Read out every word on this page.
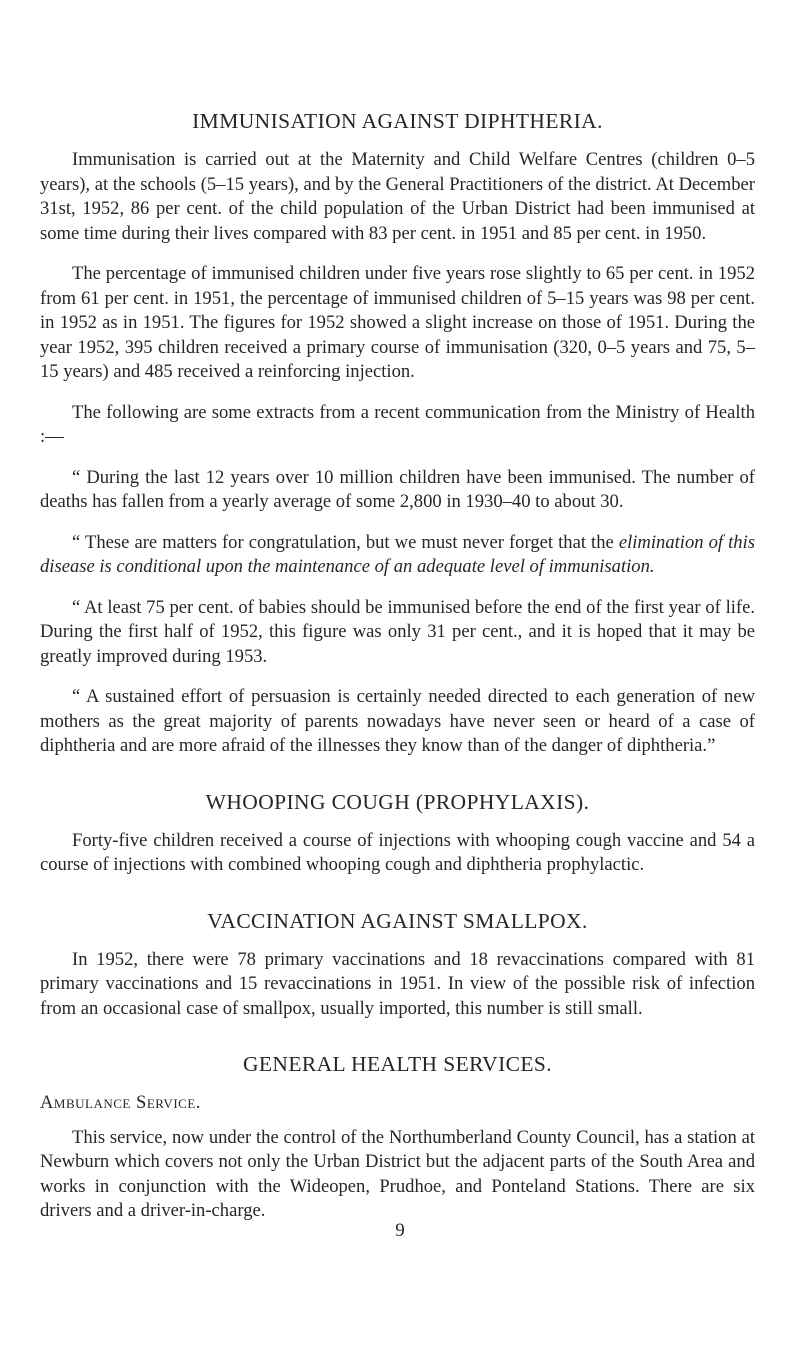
IMMUNISATION AGAINST DIPHTHERIA.

Immunisation is carried out at the Maternity and Child Welfare Centres (children 0–5 years), at the schools (5–15 years), and by the General Practitioners of the district. At December 31st, 1952, 86 per cent. of the child population of the Urban District had been immunised at some time during their lives compared with 83 per cent. in 1951 and 85 per cent. in 1950.

The percentage of immunised children under five years rose slightly to 65 per cent. in 1952 from 61 per cent. in 1951, the percentage of immunised children of 5–15 years was 98 per cent. in 1952 as in 1951. The figures for 1952 showed a slight increase on those of 1951. During the year 1952, 395 children received a primary course of immunisation (320, 0–5 years and 75, 5–15 years) and 485 received a reinforcing injection.

The following are some extracts from a recent communication from the Ministry of Health :—

“ During the last 12 years over 10 million children have been immunised. The number of deaths has fallen from a yearly average of some 2,800 in 1930–40 to about 30.

“ These are matters for congratulation, but we must never forget that the elimination of this disease is conditional upon the maintenance of an adequate level of immunisation.

“ At least 75 per cent. of babies should be immunised before the end of the first year of life. During the first half of 1952, this figure was only 31 per cent., and it is hoped that it may be greatly improved during 1953.

“ A sustained effort of persuasion is certainly needed directed to each generation of new mothers as the great majority of parents nowadays have never seen or heard of a case of diphtheria and are more afraid of the illnesses they know than of the danger of diphtheria.”

WHOOPING COUGH (PROPHYLAXIS).

Forty-five children received a course of injections with whooping cough vaccine and 54 a course of injections with combined whooping cough and diphtheria prophylactic.

VACCINATION AGAINST SMALLPOX.

In 1952, there were 78 primary vaccinations and 18 revaccinations compared with 81 primary vaccinations and 15 revaccinations in 1951. In view of the possible risk of infection from an occasional case of smallpox, usually imported, this number is still small.

GENERAL HEALTH SERVICES.
Ambulance Service.

This service, now under the control of the Northumberland County Council, has a station at Newburn which covers not only the Urban District but the adjacent parts of the South Area and works in conjunction with the Wideopen, Prudhoe, and Ponteland Stations. There are six drivers and a driver-in-charge.

9
